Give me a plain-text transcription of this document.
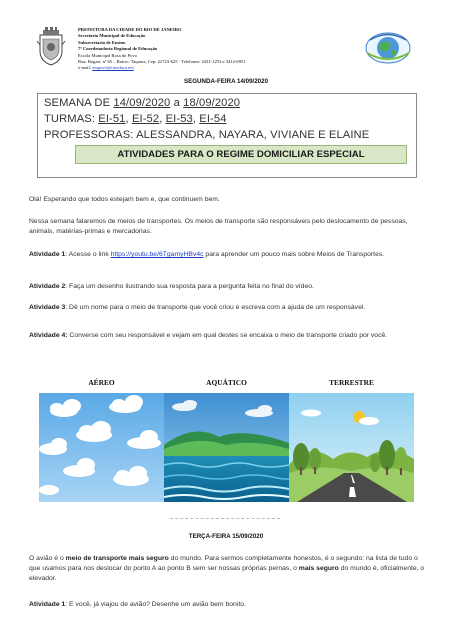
PREFEITURA DA CIDADE DO RIO DE JANEIRO
Secretaria Municipal de Educação
Subsecretaria de Ensino
7ª Coordenadoria Regional de Educação
Escola Municipal Rosa do Povo
Rua: Bogari, nº 65 – Bairro: Taquara, Cep: 22723-625 · Telefones: 2431-1253 e 3412-6951
e-mail: empovo@rioeduca.net
SEGUNDA-FEIRA 14/09/2020
SEMANA DE 14/09/2020 a 18/09/2020
TURMAS: EI-51, EI-52, EI-53, EI-54
PROFESSORAS: ALESSANDRA, NAYARA, VIVIANE E ELAINE
ATIVIDADES PARA O REGIME DOMICILIAR ESPECIAL
Olá! Esperando que todos estejam bem e, que continuem bem.
Nessa semana falaremos de meios de transportes. Os meios de transporte são responsáveis pelo deslocamento de pessoas, animais, matérias-primas e mercadorias.
Atividade 1: Acesse o link https://youtu.be/6TgamyHBv4c para aprender um pouco mais sobre Meios de Transportes.
Atividade 2: Faça um desenho ilustrando sua resposta para a pergunta feita no final do vídeo.
Atividade 3: Dê um nome para o meio de transporte que você criou e escreva com a ajuda de um responsável.
Atividade 4: Converse com seu responsável e vejam em qual destes se encaixa o meio de transporte criado por você.
AÉREO	AQUÁTICO	TERRESTRE
TERÇA-FEIRA 15/09/2020
O avião é o meio de transporte mais seguro do mundo. Para sermos completamente honestos, é o segundo: na lista de tudo o que usamos para nos deslocar do ponto A ao ponto B sem ser nossas próprias pernas, o mais seguro do mundo é, oficialmente, o elevador.
Atividade 1: E você, já viajou de avião? Desenhe um avião bem bonito.
